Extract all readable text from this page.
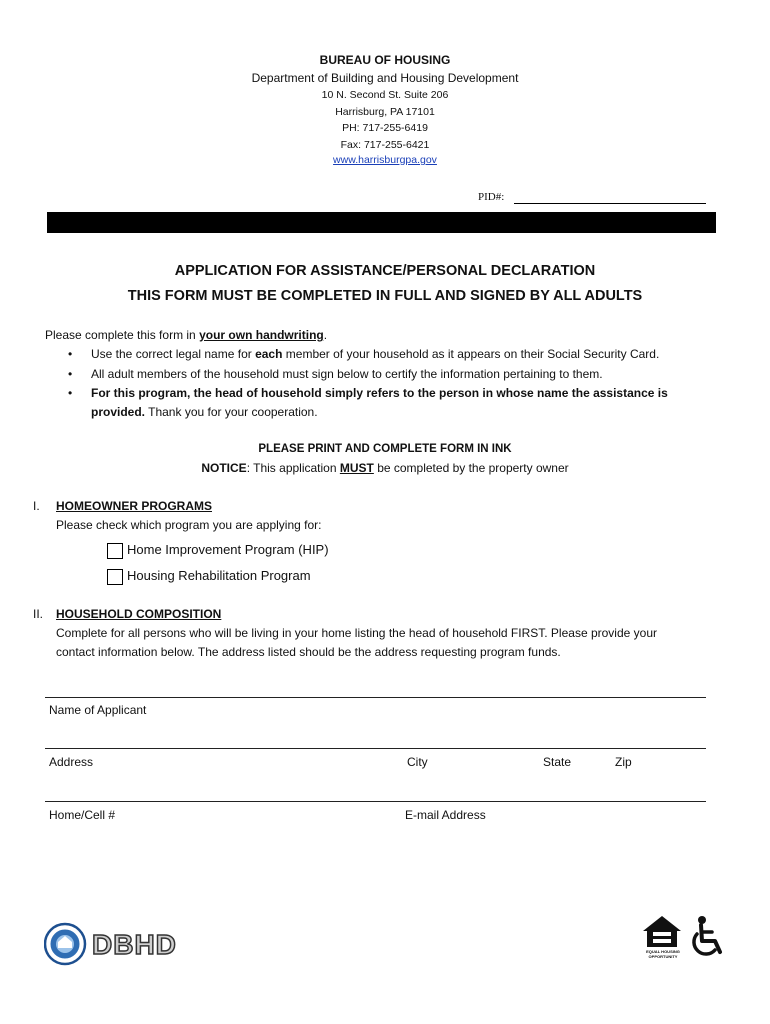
BUREAU OF HOUSING
Department of Building and Housing Development
10 N. Second St. Suite 206
Harrisburg, PA 17101
PH: 717-255-6419
Fax: 717-255-6421
www.harrisburgpa.gov
PID#:
APPLICATION FOR ASSISTANCE/PERSONAL DECLARATION
THIS FORM MUST BE COMPLETED IN FULL AND SIGNED BY ALL ADULTS
Please complete this form in your own handwriting.
• Use the correct legal name for each member of your household as it appears on their Social Security Card.
• All adult members of the household must sign below to certify the information pertaining to them.
• For this program, the head of household simply refers to the person in whose name the assistance is
provided. Thank you for your cooperation.
PLEASE PRINT AND COMPLETE FORM IN INK
NOTICE: This application MUST be completed by the property owner
I. HOMEOWNER PROGRAMS
Please check which program you are applying for:
Home Improvement Program (HIP)
Housing Rehabilitation Program
II. HOUSEHOLD COMPOSITION
Complete for all persons who will be living in your home listing the head of household FIRST. Please provide your
contact information below. The address listed should be the address requesting program funds.
Name of Applicant
Address	City	State	Zip
Home/Cell #	E-mail Address
DBHD	EQUAL HOUSING OPPORTUNITY
